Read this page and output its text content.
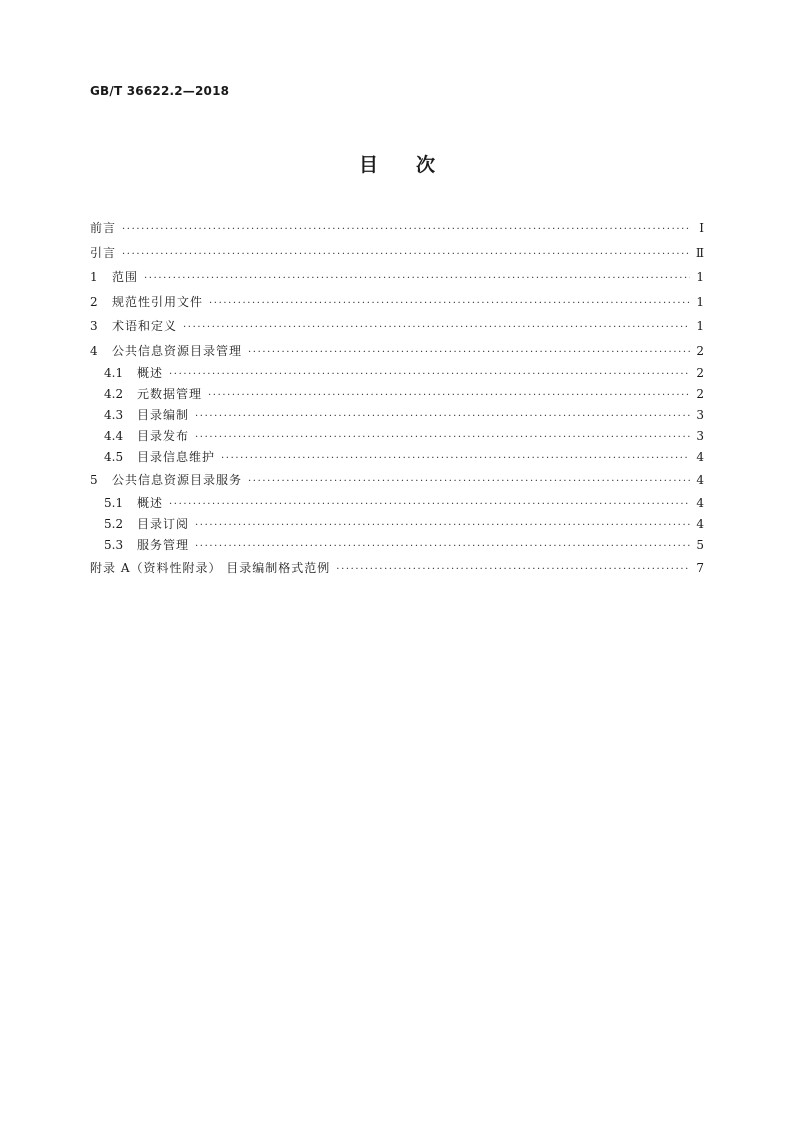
GB/T 36622.2—2018
目次
前言 ·····	Ⅰ
引言 ·····	Ⅱ
1	范围 ·····	1
2	规范性引用文件 ·····	1
3	术语和定义 ·····	1
4	公共信息资源目录管理 ·····	2
4.1	概述 ·····	2
4.2	元数据管理 ·····	2
4.3	目录编制 ·····	3
4.4	目录发布 ·····	3
4.5	目录信息维护 ·····	4
5	公共信息资源目录服务 ·····	4
5.1	概述 ·····	4
5.2	目录订阅 ·····	4
5.3	服务管理 ·····	5
附录 A（资料性附录） 目录编制格式范例 ·····	7
